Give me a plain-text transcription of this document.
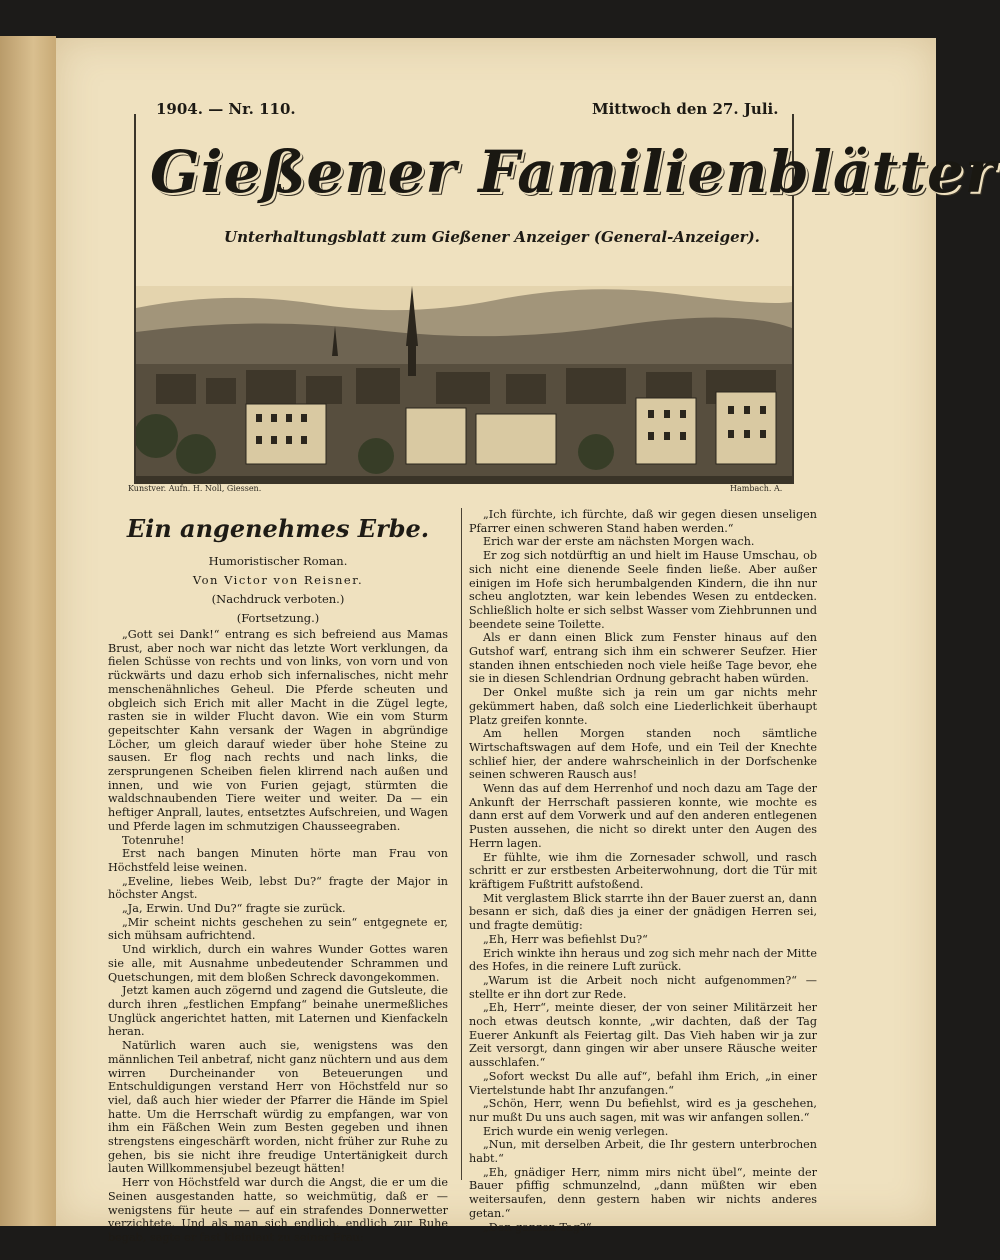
1904. — Nr. 110.	Mittwoch den 27. Juli.
Gießener Familienblätter
Unterhaltungsblatt zum Gießener Anzeiger (General-Anzeiger).
Kunstver. Aufn. H. Noll, Giessen.	Hambach. A.
Ein angenehmes Erbe.
Humoristischer Roman.
Von Victor von Reisner.
(Nachdruck verboten.)
(Fortsetzung.)

„Gott sei Dank!“ entrang es sich befreiend aus Mamas Brust, aber noch war nicht das letzte Wort verklungen, da fielen Schüsse von rechts und von links, von vorn und von rückwärts und dazu erhob sich infernalisches, nicht mehr menschenähnliches Geheul. Die Pferde scheuten und obgleich sich Erich mit aller Macht in die Zügel legte, rasten sie in wilder Flucht davon. Wie ein vom Sturm gepeitschter Kahn versank der Wagen in abgründige Löcher, um gleich darauf wieder über hohe Steine zu sausen. Er flog nach rechts und nach links, die zersprungenen Scheiben fielen klirrend nach außen und innen, und wie von Furien gejagt, stürmten die waldschnaubenden Tiere weiter und weiter. Da — ein heftiger Anprall, lautes, entsetztes Aufschreien, und Wagen und Pferde lagen im schmutzigen Chausseegraben.

Totenruhe!

Erst nach bangen Minuten hörte man Frau von Höchstfeld leise weinen.

„Eveline, liebes Weib, lebst Du?“ fragte der Major in höchster Angst.

„Ja, Erwin. Und Du?“ fragte sie zurück.

„Mir scheint nichts geschehen zu sein“ entgegnete er, sich mühsam aufrichtend.

Und wirklich, durch ein wahres Wunder Gottes waren sie alle, mit Ausnahme unbedeutender Schrammen und Quetschungen, mit dem bloßen Schreck davongekommen.

Jetzt kamen auch zögernd und zagend die Gutsleute, die durch ihren „festlichen Empfang“ beinahe unermeßliches Unglück angerichtet hatten, mit Laternen und Kienfackeln heran.

Natürlich waren auch sie, wenigstens was den männlichen Teil anbetraf, nicht ganz nüchtern und aus dem wirren Durcheinander von Beteuerungen und Entschuldigungen verstand Herr von Höchstfeld nur so viel, daß auch hier wieder der Pfarrer die Hände im Spiel hatte. Um die Herrschaft würdig zu empfangen, war von ihm ein Fäßchen Wein zum Besten gegeben und ihnen strengstens eingeschärft worden, nicht früher zur Ruhe zu gehen, bis sie nicht ihre freudige Untertänigkeit durch lauten Willkommensjubel bezeugt hätten!

Herr von Höchstfeld war durch die Angst, die er um die Seinen ausgestanden hatte, so weichmütig, daß er — wenigstens für heute — auf ein strafendes Donnerwetter verzichtete. Und als man sich endlich, endlich zur Ruhe begab, sagte er fast kleinlaut zu seiner Frau:

„Ich fürchte, ich fürchte, daß wir gegen diesen unseligen Pfarrer einen schweren Stand haben werden.“

Erich war der erste am nächsten Morgen wach.

Er zog sich notdürftig an und hielt im Hause Umschau, ob sich nicht eine dienende Seele finden ließe. Aber außer einigen im Hofe sich herumbalgenden Kindern, die ihn nur scheu anglotzten, war kein lebendes Wesen zu entdecken. Schließlich holte er sich selbst Wasser vom Ziehbrunnen und beendete seine Toilette.

Als er dann einen Blick zum Fenster hinaus auf den Gutshof warf, entrang sich ihm ein schwerer Seufzer. Hier standen ihnen entschieden noch viele heiße Tage bevor, ehe sie in diesen Schlendrian Ordnung gebracht haben würden.

Der Onkel mußte sich ja rein um gar nichts mehr gekümmert haben, daß solch eine Liederlichkeit überhaupt Platz greifen konnte.

Am hellen Morgen standen noch sämtliche Wirtschaftswagen auf dem Hofe, und ein Teil der Knechte schlief hier, der andere wahrscheinlich in der Dorfschenke seinen schweren Rausch aus!

Wenn das auf dem Herrenhof und noch dazu am Tage der Ankunft der Herrschaft passieren konnte, wie mochte es dann erst auf dem Vorwerk und auf den anderen entlegenen Pusten aussehen, die nicht so direkt unter den Augen des Herrn lagen.

Er fühlte, wie ihm die Zornesader schwoll, und rasch schritt er zur erstbesten Arbeiterwohnung, dort die Tür mit kräftigem Fußtritt aufstoßend.

Mit verglastem Blick starrte ihn der Bauer zuerst an, dann besann er sich, daß dies ja einer der gnädigen Herren sei, und fragte demütig:

„Eh, Herr was befiehlst Du?“

Erich winkte ihn heraus und zog sich mehr nach der Mitte des Hofes, in die reinere Luft zurück.

„Warum ist die Arbeit noch nicht aufgenommen?“ — stellte er ihn dort zur Rede.

„Eh, Herr“, meinte dieser, der von seiner Militärzeit her noch etwas deutsch konnte, „wir dachten, daß der Tag Euerer Ankunft als Feiertag gilt. Das Vieh haben wir ja zur Zeit versorgt, dann gingen wir aber unsere Räusche weiter ausschlafen.“

„Sofort weckst Du alle auf“, befahl ihm Erich, „in einer Viertelstunde habt Ihr anzufangen.“

„Schön, Herr, wenn Du befiehlst, wird es ja geschehen, nur mußt Du uns auch sagen, mit was wir anfangen sollen.“

Erich wurde ein wenig verlegen.

„Nun, mit derselben Arbeit, die Ihr gestern unterbrochen habt.“

„Eh, gnädiger Herr, nimm mirs nicht übel“, meinte der Bauer pfiffig schmunzelnd, „dann müßten wir eben weitersaufen, denn gestern haben wir nichts anderes getan.“

„Den ganzen Tag?“
